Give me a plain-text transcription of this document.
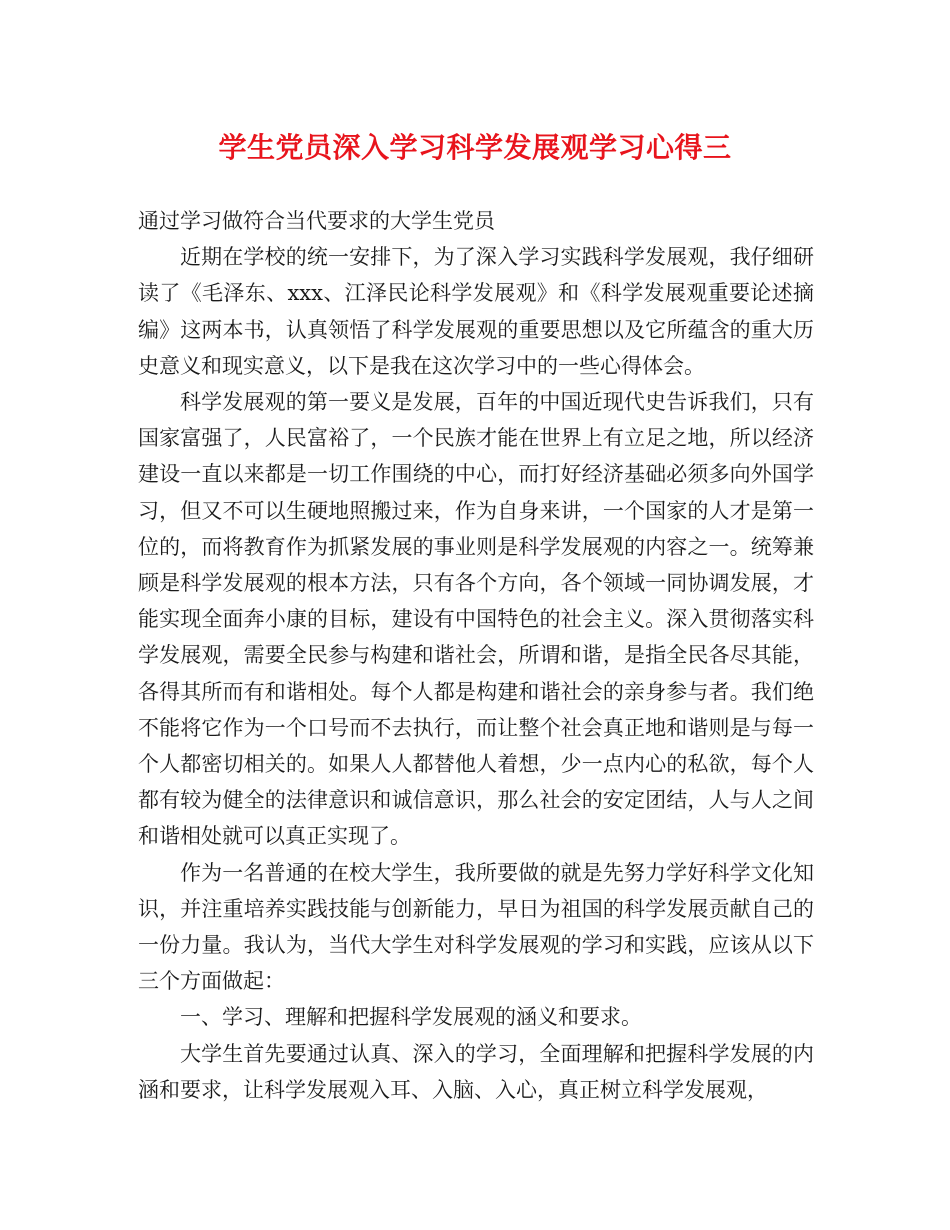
学生党员深入学习科学发展观学习心得三

通过学习做符合当代要求的大学生党员

近期在学校的统一安排下，为了深入学习实践科学发展观，我仔细研读了《毛泽东、xxx、江泽民论科学发展观》和《科学发展观重要论述摘编》这两本书，认真领悟了科学发展观的重要思想以及它所蕴含的重大历史意义和现实意义，以下是我在这次学习中的一些心得体会。

科学发展观的第一要义是发展，百年的中国近现代史告诉我们，只有国家富强了，人民富裕了，一个民族才能在世界上有立足之地，所以经济建设一直以来都是一切工作围绕的中心，而打好经济基础必须多向外国学习，但又不可以生硬地照搬过来，作为自身来讲，一个国家的人才是第一位的，而将教育作为抓紧发展的事业则是科学发展观的内容之一。统筹兼顾是科学发展观的根本方法，只有各个方向，各个领域一同协调发展，才能实现全面奔小康的目标，建设有中国特色的社会主义。深入贯彻落实科学发展观，需要全民参与构建和谐社会，所谓和谐，是指全民各尽其能，各得其所而有和谐相处。每个人都是构建和谐社会的亲身参与者。我们绝不能将它作为一个口号而不去执行，而让整个社会真正地和谐则是与每一个人都密切相关的。如果人人都替他人着想，少一点内心的私欲，每个人都有较为健全的法律意识和诚信意识，那么社会的安定团结，人与人之间和谐相处就可以真正实现了。

作为一名普通的在校大学生，我所要做的就是先努力学好科学文化知识，并注重培养实践技能与创新能力，早日为祖国的科学发展贡献自己的一份力量。我认为，当代大学生对科学发展观的学习和实践，应该从以下三个方面做起：

一、学习、理解和把握科学发展观的涵义和要求。

大学生首先要通过认真、深入的学习，全面理解和把握科学发展的内涵和要求，让科学发展观入耳、入脑、入心，真正树立科学发展观，
